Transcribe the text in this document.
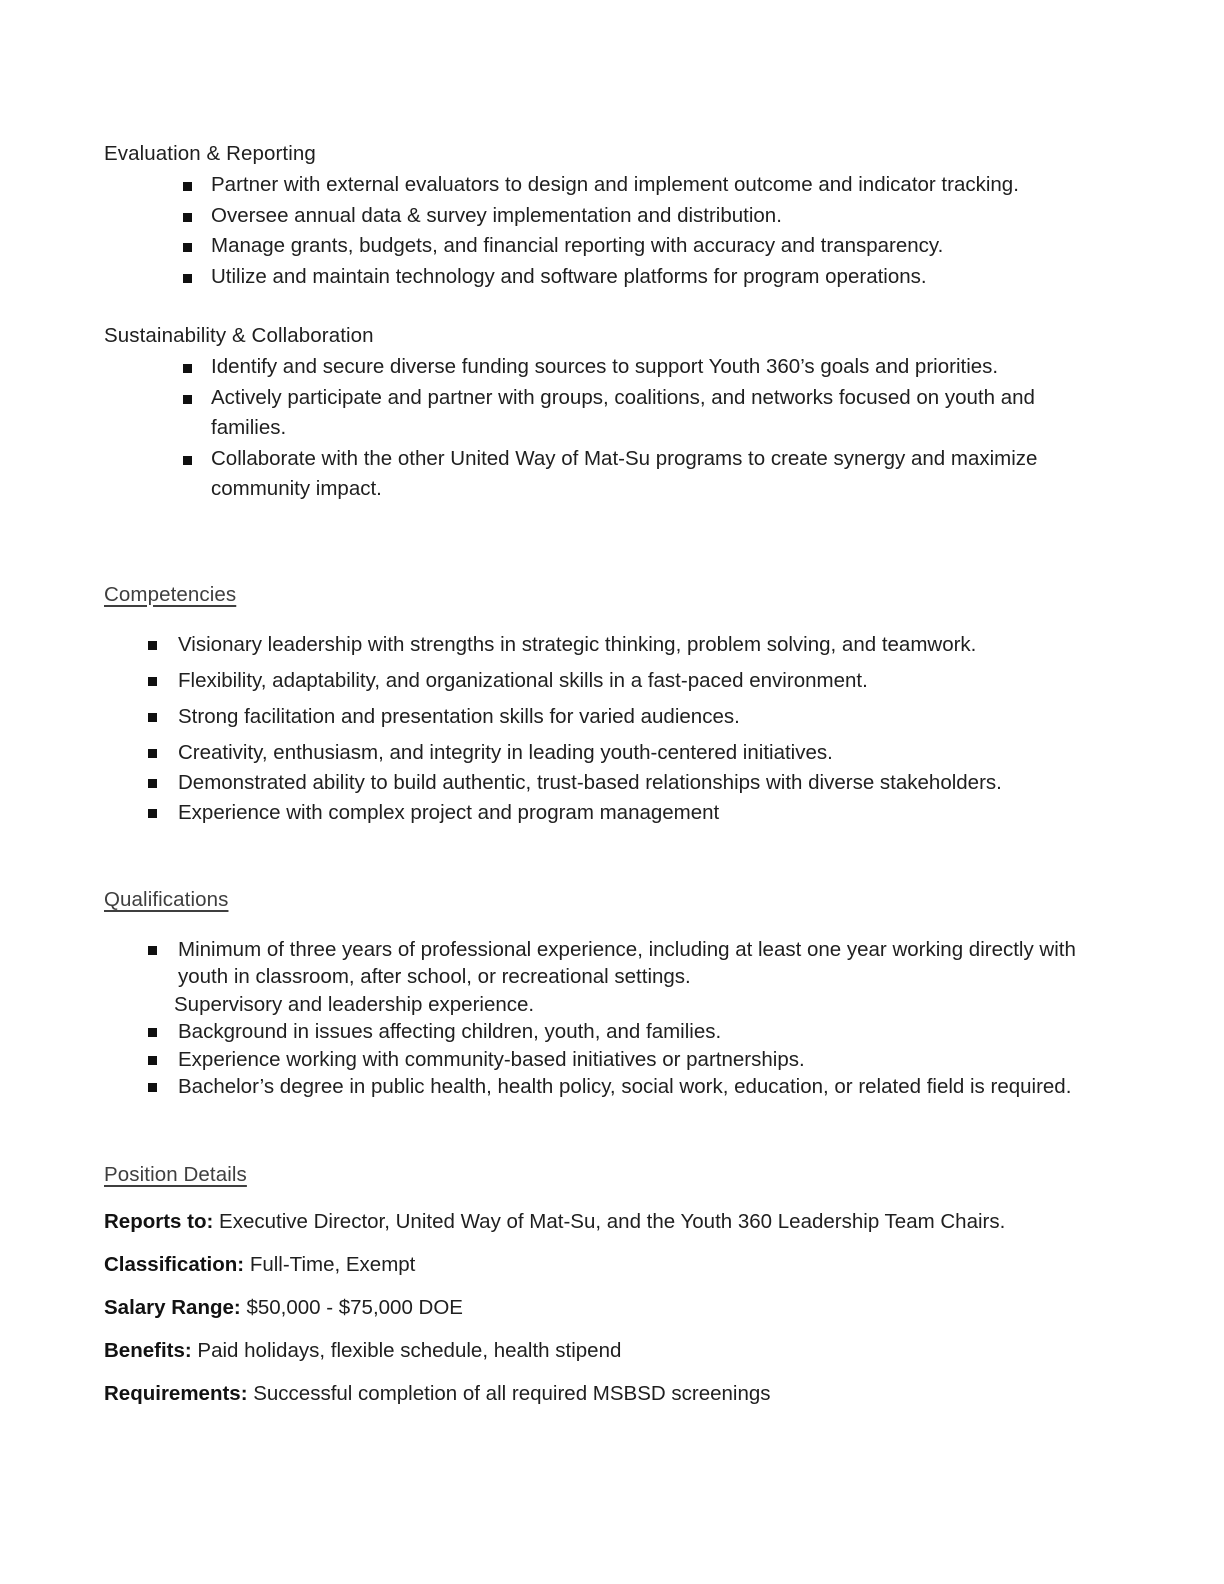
Evaluation & Reporting
Partner with external evaluators to design and implement outcome and indicator tracking.
Oversee annual data & survey implementation and distribution.
Manage grants, budgets, and financial reporting with accuracy and transparency.
Utilize and maintain technology and software platforms for program operations.
Sustainability & Collaboration
Identify and secure diverse funding sources to support Youth 360’s goals and priorities.
Actively participate and partner with groups, coalitions, and networks focused on youth and families.
Collaborate with the other United Way of Mat-Su programs to create synergy and maximize community impact.
Competencies
Visionary leadership with strengths in strategic thinking, problem solving, and teamwork.
Flexibility, adaptability, and organizational skills in a fast-paced environment.
Strong facilitation and presentation skills for varied audiences.
Creativity, enthusiasm, and integrity in leading youth-centered initiatives.
Demonstrated ability to build authentic, trust-based relationships with diverse stakeholders.
Experience with complex project and program management
Qualifications
Minimum of three years of professional experience, including at least one year working directly with youth in classroom, after school, or recreational settings.
Supervisory and leadership experience.
Background in issues affecting children, youth, and families.
Experience working with community-based initiatives or partnerships.
Bachelor’s degree in public health, health policy, social work, education, or related field is required.
Position Details
Reports to: Executive Director, United Way of Mat-Su, and the Youth 360 Leadership Team Chairs.
Classification: Full-Time, Exempt
Salary Range: $50,000 - $75,000 DOE
Benefits: Paid holidays, flexible schedule, health stipend
Requirements: Successful completion of all required MSBSD screenings
